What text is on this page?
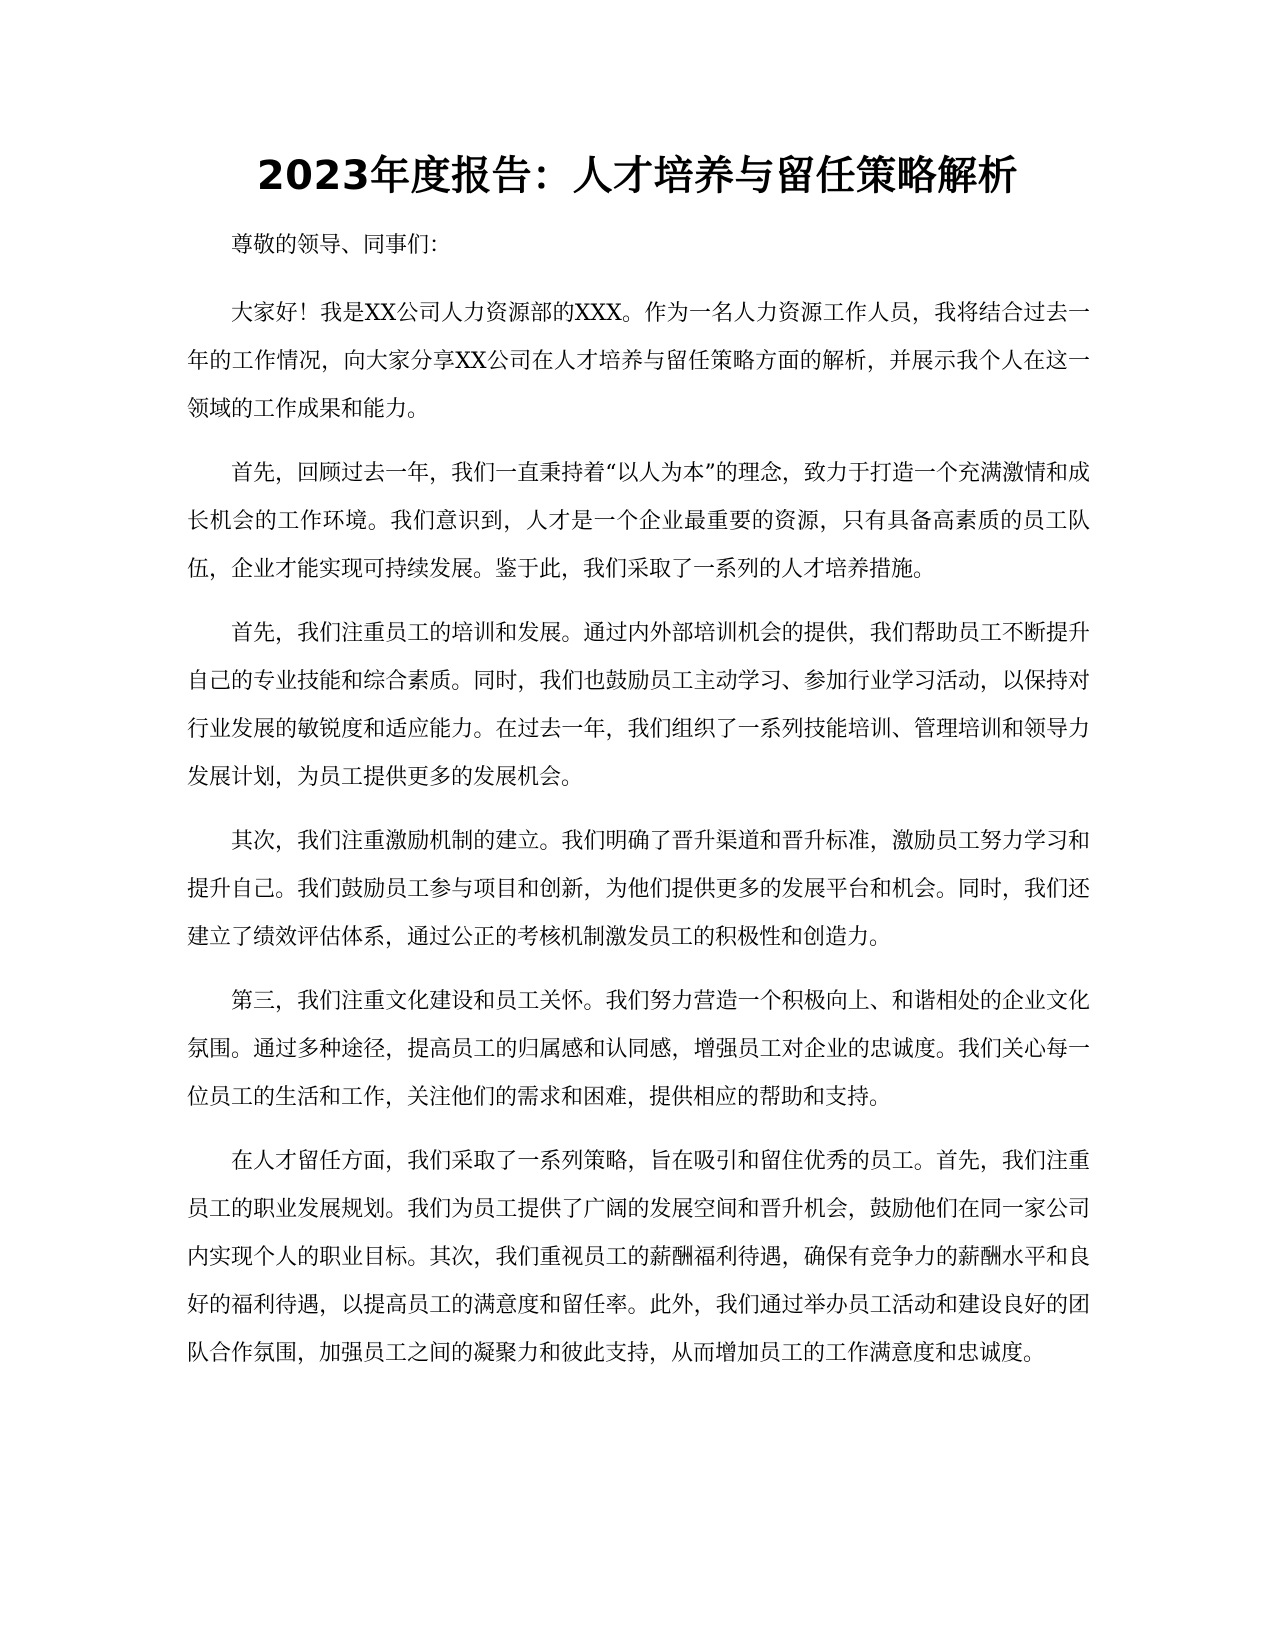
2023年度报告：人才培养与留任策略解析

尊敬的领导、同事们：

大家好！我是XX公司人力资源部的XXX。作为一名人力资源工作人员，我将结合过去一年的工作情况，向大家分享XX公司在人才培养与留任策略方面的解析，并展示我个人在这一领域的工作成果和能力。

首先，回顾过去一年，我们一直秉持着“以人为本”的理念，致力于打造一个充满激情和成长机会的工作环境。我们意识到，人才是一个企业最重要的资源，只有具备高素质的员工队伍，企业才能实现可持续发展。鉴于此，我们采取了一系列的人才培养措施。

首先，我们注重员工的培训和发展。通过内外部培训机会的提供，我们帮助员工不断提升自己的专业技能和综合素质。同时，我们也鼓励员工主动学习、参加行业学习活动，以保持对行业发展的敏锐度和适应能力。在过去一年，我们组织了一系列技能培训、管理培训和领导力发展计划，为员工提供更多的发展机会。

其次，我们注重激励机制的建立。我们明确了晋升渠道和晋升标准，激励员工努力学习和提升自己。我们鼓励员工参与项目和创新，为他们提供更多的发展平台和机会。同时，我们还建立了绩效评估体系，通过公正的考核机制激发员工的积极性和创造力。

第三，我们注重文化建设和员工关怀。我们努力营造一个积极向上、和谐相处的企业文化氛围。通过多种途径，提高员工的归属感和认同感，增强员工对企业的忠诚度。我们关心每一位员工的生活和工作，关注他们的需求和困难，提供相应的帮助和支持。

在人才留任方面，我们采取了一系列策略，旨在吸引和留住优秀的员工。首先，我们注重员工的职业发展规划。我们为员工提供了广阔的发展空间和晋升机会，鼓励他们在同一家公司内实现个人的职业目标。其次，我们重视员工的薪酬福利待遇，确保有竞争力的薪酬水平和良好的福利待遇，以提高员工的满意度和留任率。此外，我们通过举办员工活动和建设良好的团队合作氛围，加强员工之间的凝聚力和彼此支持，从而增加员工的工作满意度和忠诚度。
